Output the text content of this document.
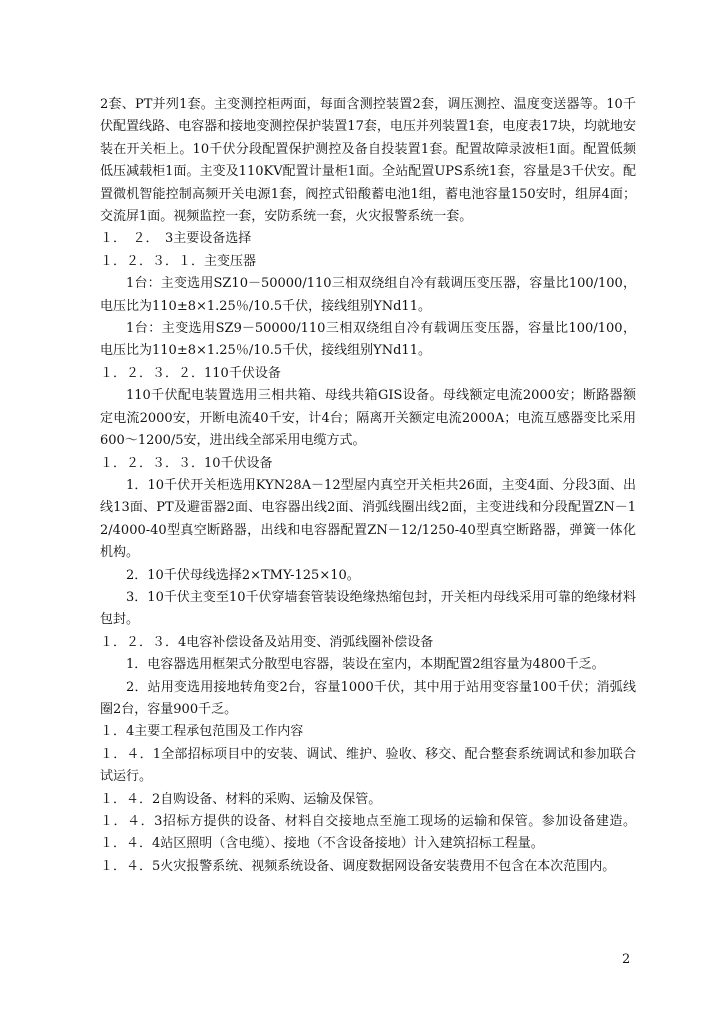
2套、PT并列1套。主变测控柜两面，每面含测控装置2套，调压测控、温度变送器等。10千伏配置线路、电容器和接地变测控保护装置17套，电压并列装置1套，电度表17块，均就地安装在开关柜上。10千伏分段配置保护测控及备自投装置1套。配置故障录波柜1面。配置低频低压减载柜1面。主变及110KV配置计量柜1面。全站配置UPS系统1套，容量是3千伏安。配置微机智能控制高频开关电源1套，阀控式铅酸蓄电池1组，蓄电池容量150安时，组屏4面；交流屏1面。视频监控一套，安防系统一套，火灾报警系统一套。

１．　２．　3主要设备选择

１．２．３．１．主变压器

1台：主变选用SZ10－50000/110三相双绕组自冷有载调压变压器，容量比100/100，电压比为110±8×1.25％/10.5千伏，接线组别YNd11。

1台：主变选用SZ9－50000/110三相双绕组自冷有载调压变压器，容量比100/100，电压比为110±8×1.25％/10.5千伏，接线组别YNd11。

１．２．３．２．110千伏设备

110千伏配电装置选用三相共箱、母线共箱GIS设备。母线额定电流2000安；断路器额定电流2000安，开断电流40千安，计4台；隔离开关额定电流2000A；电流互感器变比采用600～1200/5安，进出线全部采用电缆方式。

１．２．３．３．10千伏设备

1．10千伏开关柜选用KYN28A－12型屋内真空开关柜共26面，主变4面、分段3面、出线13面、PT及避雷器2面、电容器出线2面、消弧线圈出线2面，主变进线和分段配置ZN－12/4000-40型真空断路器，出线和电容器配置ZN－12/1250-40型真空断路器，弹簧一体化机构。

2．10千伏母线选择2×TMY-125×10。

3．10千伏主变至10千伏穿墙套管装设绝缘热缩包封，开关柜内母线采用可靠的绝缘材料包封。

１．２．３．4电容补偿设备及站用变、消弧线圈补偿设备

1．电容器选用框架式分散型电容器，装设在室内，本期配置2组容量为4800千乏。

2．站用变选用接地转角变2台，容量1000千伏，其中用于站用变容量100千伏；消弧线圈2台，容量900千乏。

１．4主要工程承包范围及工作内容

１．４．1全部招标项目中的安装、调试、维护、验收、移交、配合整套系统调试和参加联合试运行。

１．４．2自购设备、材料的采购、运输及保管。

１．４．3招标方提供的设备、材料自交接地点至施工现场的运输和保管。参加设备建造。１．４．4站区照明（含电缆）、接地（不含设备接地）计入建筑招标工程量。

１．４．5火灾报警系统、视频系统设备、调度数据网设备安装费用不包含在本次范围内。

2
